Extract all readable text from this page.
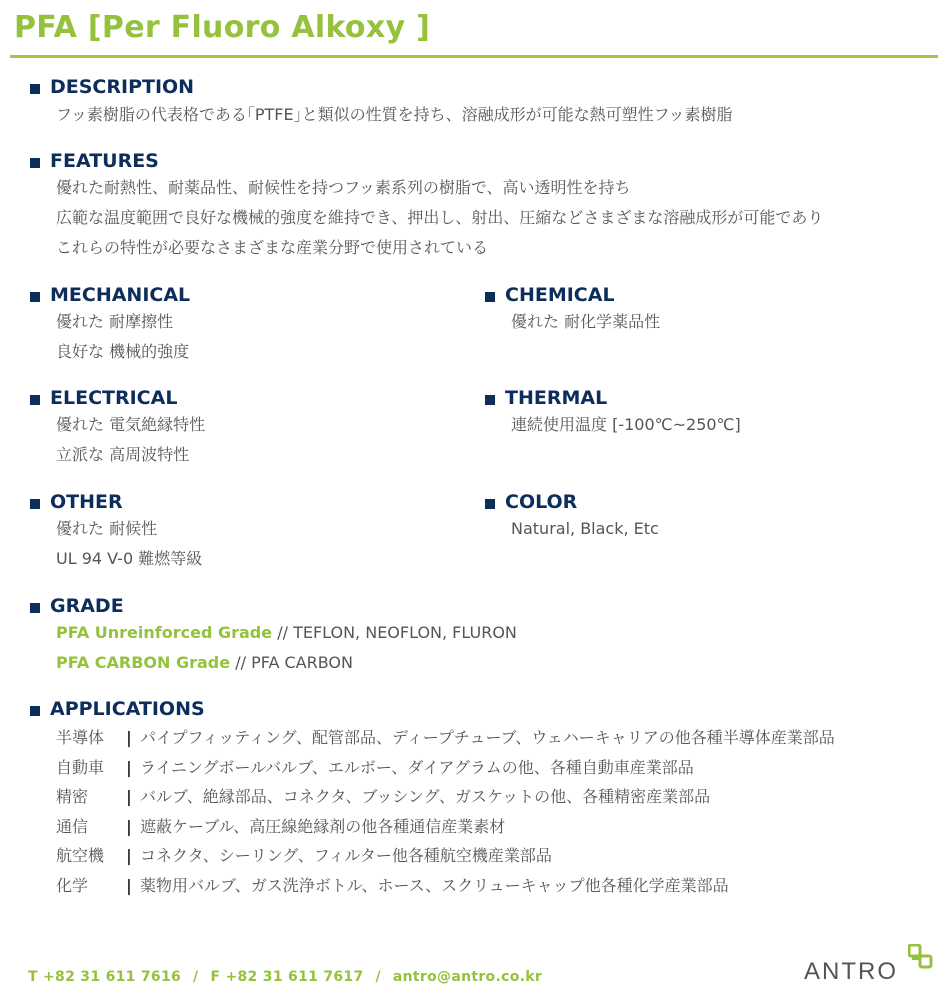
PFA [Per Fluoro Alkoxy ]
DESCRIPTION
フッ素樹脂の代表格である｢PTFE｣と類似の性質を持ち、溶融成形が可能な熱可塑性フッ素樹脂
FEATURES
優れた耐熱性、耐薬品性、耐候性を持つフッ素系列の樹脂で、高い透明性を持ち
広範な温度範囲で良好な機械的強度を維持でき、押出し、射出、圧縮などさまざまな溶融成形が可能であり
これらの特性が必要なさまざまな産業分野で使用されている
MECHANICAL
優れた 耐摩擦性
良好な 機械的強度
CHEMICAL
優れた 耐化学薬品性
ELECTRICAL
優れた 電気絶縁特性
立派な 高周波特性
THERMAL
連続使用温度 [-100℃~250℃]
OTHER
優れた 耐候性
UL 94 V-0 難燃等級
COLOR
Natural, Black, Etc
GRADE
PFA Unreinforced Grade // TEFLON, NEOFLON, FLURON
PFA CARBON Grade // PFA CARBON
APPLICATIONS
半導体	| パイプフィッティング、配管部品、ディープチューブ、ウェハーキャリアの他各種半導体産業部品
自動車	| ライニングボールバルブ、エルボー、ダイアグラムの他、各種自動車産業部品
精密	| バルブ、絶縁部品、コネクタ、ブッシング、ガスケットの他、各種精密産業部品
通信	| 遮蔽ケーブル、高圧線絶縁剤の他各種通信産業素材
航空機	| コネクタ、シーリング、フィルター他各種航空機産業部品
化学	| 薬物用バルブ、ガス洗浄ボトル、ホース、スクリューキャップ他各種化学産業部品
T +82 31 611 7616 / F +82 31 611 7617 / antro@antro.co.kr	ANTRO
